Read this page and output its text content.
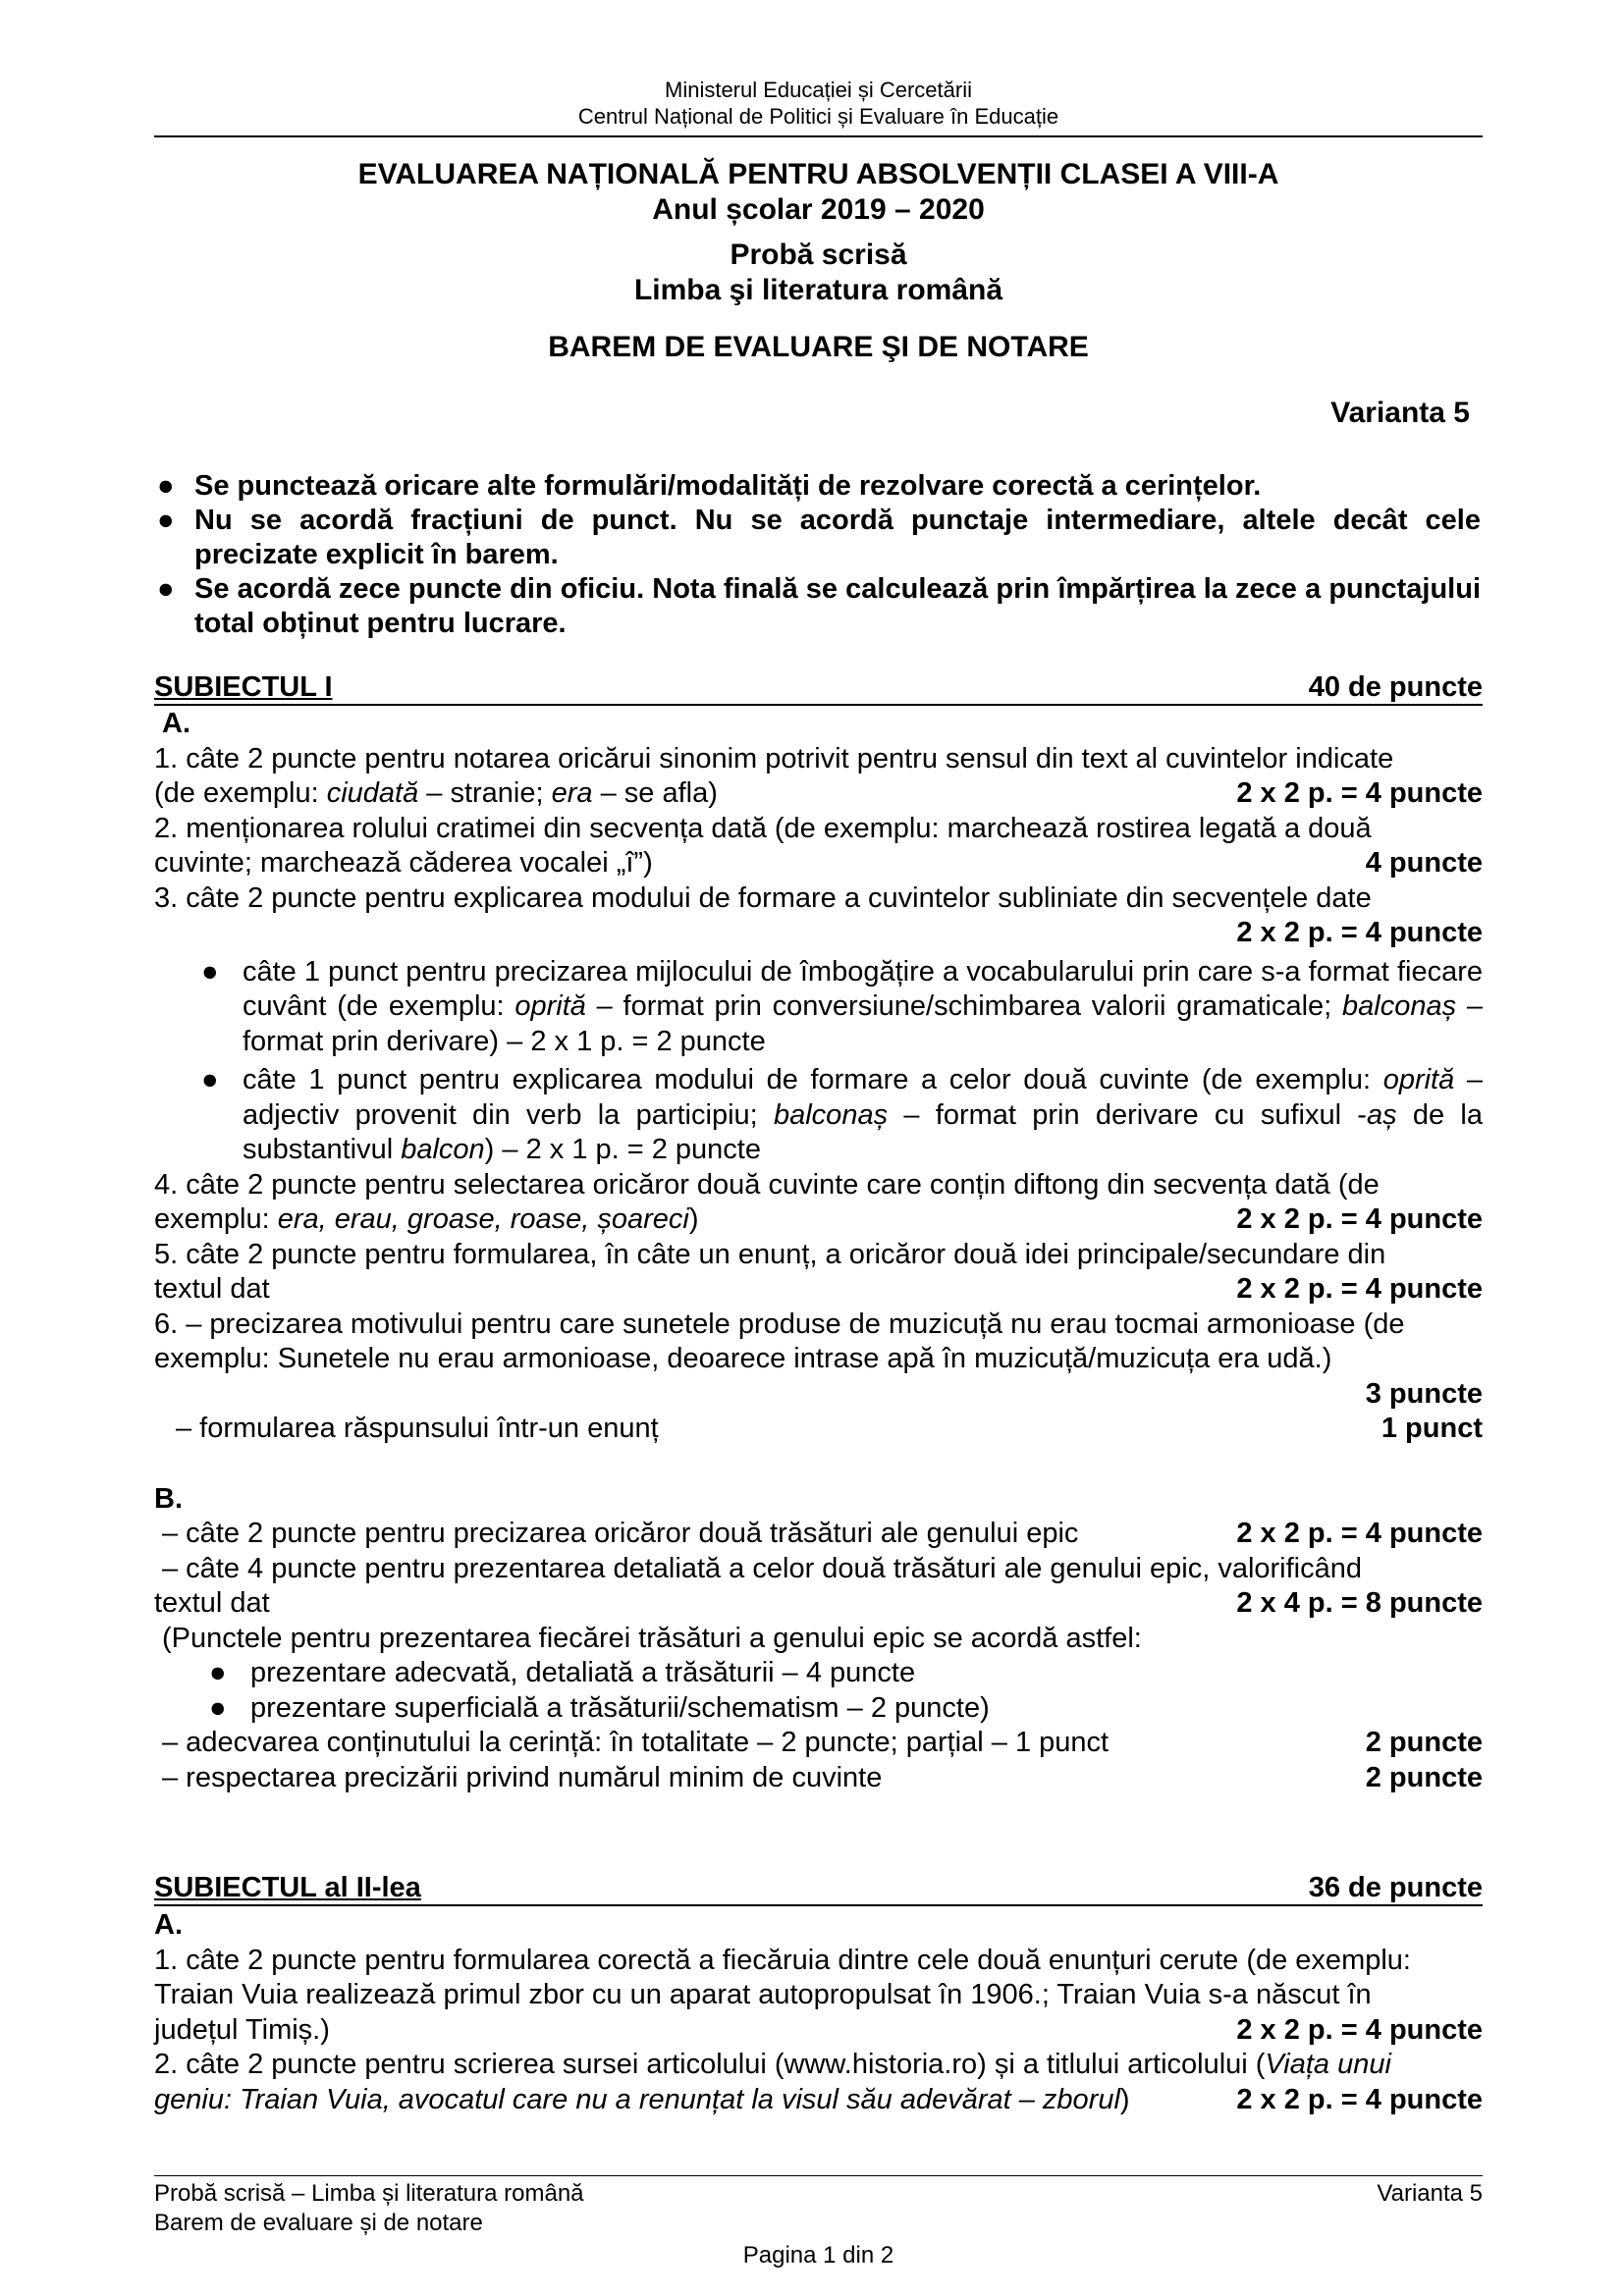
Ministerul Educației și Cercetării
Centrul Național de Politici și Evaluare în Educație
EVALUAREA NAȚIONALĂ PENTRU ABSOLVENȚII CLASEI A VIII-A
Anul școlar 2019 – 2020
Probă scrisă
Limba şi literatura română
BAREM DE EVALUARE ŞI DE NOTARE
Varianta 5
● Se punctează oricare alte formulări/modalități de rezolvare corectă a cerințelor.
● Nu se acordă fracțiuni de punct. Nu se acordă punctaje intermediare, altele decât cele precizate explicit în barem.
● Se acordă zece puncte din oficiu. Nota finală se calculează prin împărțirea la zece a punctajului total obținut pentru lucrare.
SUBIECTUL I	40 de puncte
A.
1. câte 2 puncte pentru notarea oricărui sinonim potrivit pentru sensul din text al cuvintelor indicate
(de exemplu: ciudată – stranie; era – se afla)	2 x 2 p. = 4 puncte
2. menționarea rolului cratimei din secvența dată (de exemplu: marchează rostirea legată a două
cuvinte; marchează căderea vocalei „î”)	4 puncte
3. câte 2 puncte pentru explicarea modului de formare a cuvintelor subliniate din secvențele date
2 x 2 p. = 4 puncte
● câte 1 punct pentru precizarea mijlocului de îmbogățire a vocabularului prin care s-a format fiecare cuvânt (de exemplu: oprită – format prin conversiune/schimbarea valorii gramaticale; balconaș – format prin derivare) – 2 x 1 p. = 2 puncte
● câte 1 punct pentru explicarea modului de formare a celor două cuvinte (de exemplu: oprită – adjectiv provenit din verb la participiu; balconaș – format prin derivare cu sufixul -aș de la substantivul balcon) – 2 x 1 p. = 2 puncte
4. câte 2 puncte pentru selectarea oricăror două cuvinte care conțin diftong din secvența dată (de
exemplu: era, erau, groase, roase, șoareci)	2 x 2 p. = 4 puncte
5. câte 2 puncte pentru formularea, în câte un enunț, a oricăror două idei principale/secundare din
textul dat	2 x 2 p. = 4 puncte
6. – precizarea motivului pentru care sunetele produse de muzicuță nu erau tocmai armonioase (de
exemplu: Sunetele nu erau armonioase, deoarece intrase apă în muzicuță/muzicuța era udă.)
3 puncte
– formularea răspunsului într-un enunț	1 punct
B.
– câte 2 puncte pentru precizarea oricăror două trăsături ale genului epic	2 x 2 p. = 4 puncte
– câte 4 puncte pentru prezentarea detaliată a celor două trăsături ale genului epic, valorificând
textul dat	2 x 4 p. = 8 puncte
(Punctele pentru prezentarea fiecărei trăsături a genului epic se acordă astfel:
● prezentare adecvată, detaliată a trăsăturii – 4 puncte
● prezentare superficială a trăsăturii/schematism – 2 puncte)
– adecvarea conținutului la cerință: în totalitate – 2 puncte; parțial – 1 punct	2 puncte
– respectarea precizării privind numărul minim de cuvinte	2 puncte
SUBIECTUL al II-lea	36 de puncte
A.
1. câte 2 puncte pentru formularea corectă a fiecăruia dintre cele două enunțuri cerute (de exemplu:
Traian Vuia realizează primul zbor cu un aparat autopropulsat în 1906.; Traian Vuia s-a născut în
județul Timiș.)	2 x 2 p. = 4 puncte
2. câte 2 puncte pentru scrierea sursei articolului (www.historia.ro) și a titlului articolului (Viața unui
geniu: Traian Vuia, avocatul care nu a renunțat la visul său adevărat – zborul)	2 x 2 p. = 4 puncte
Probă scrisă – Limba și literatura română	Varianta 5
Barem de evaluare și de notare
Pagina 1 din 2
